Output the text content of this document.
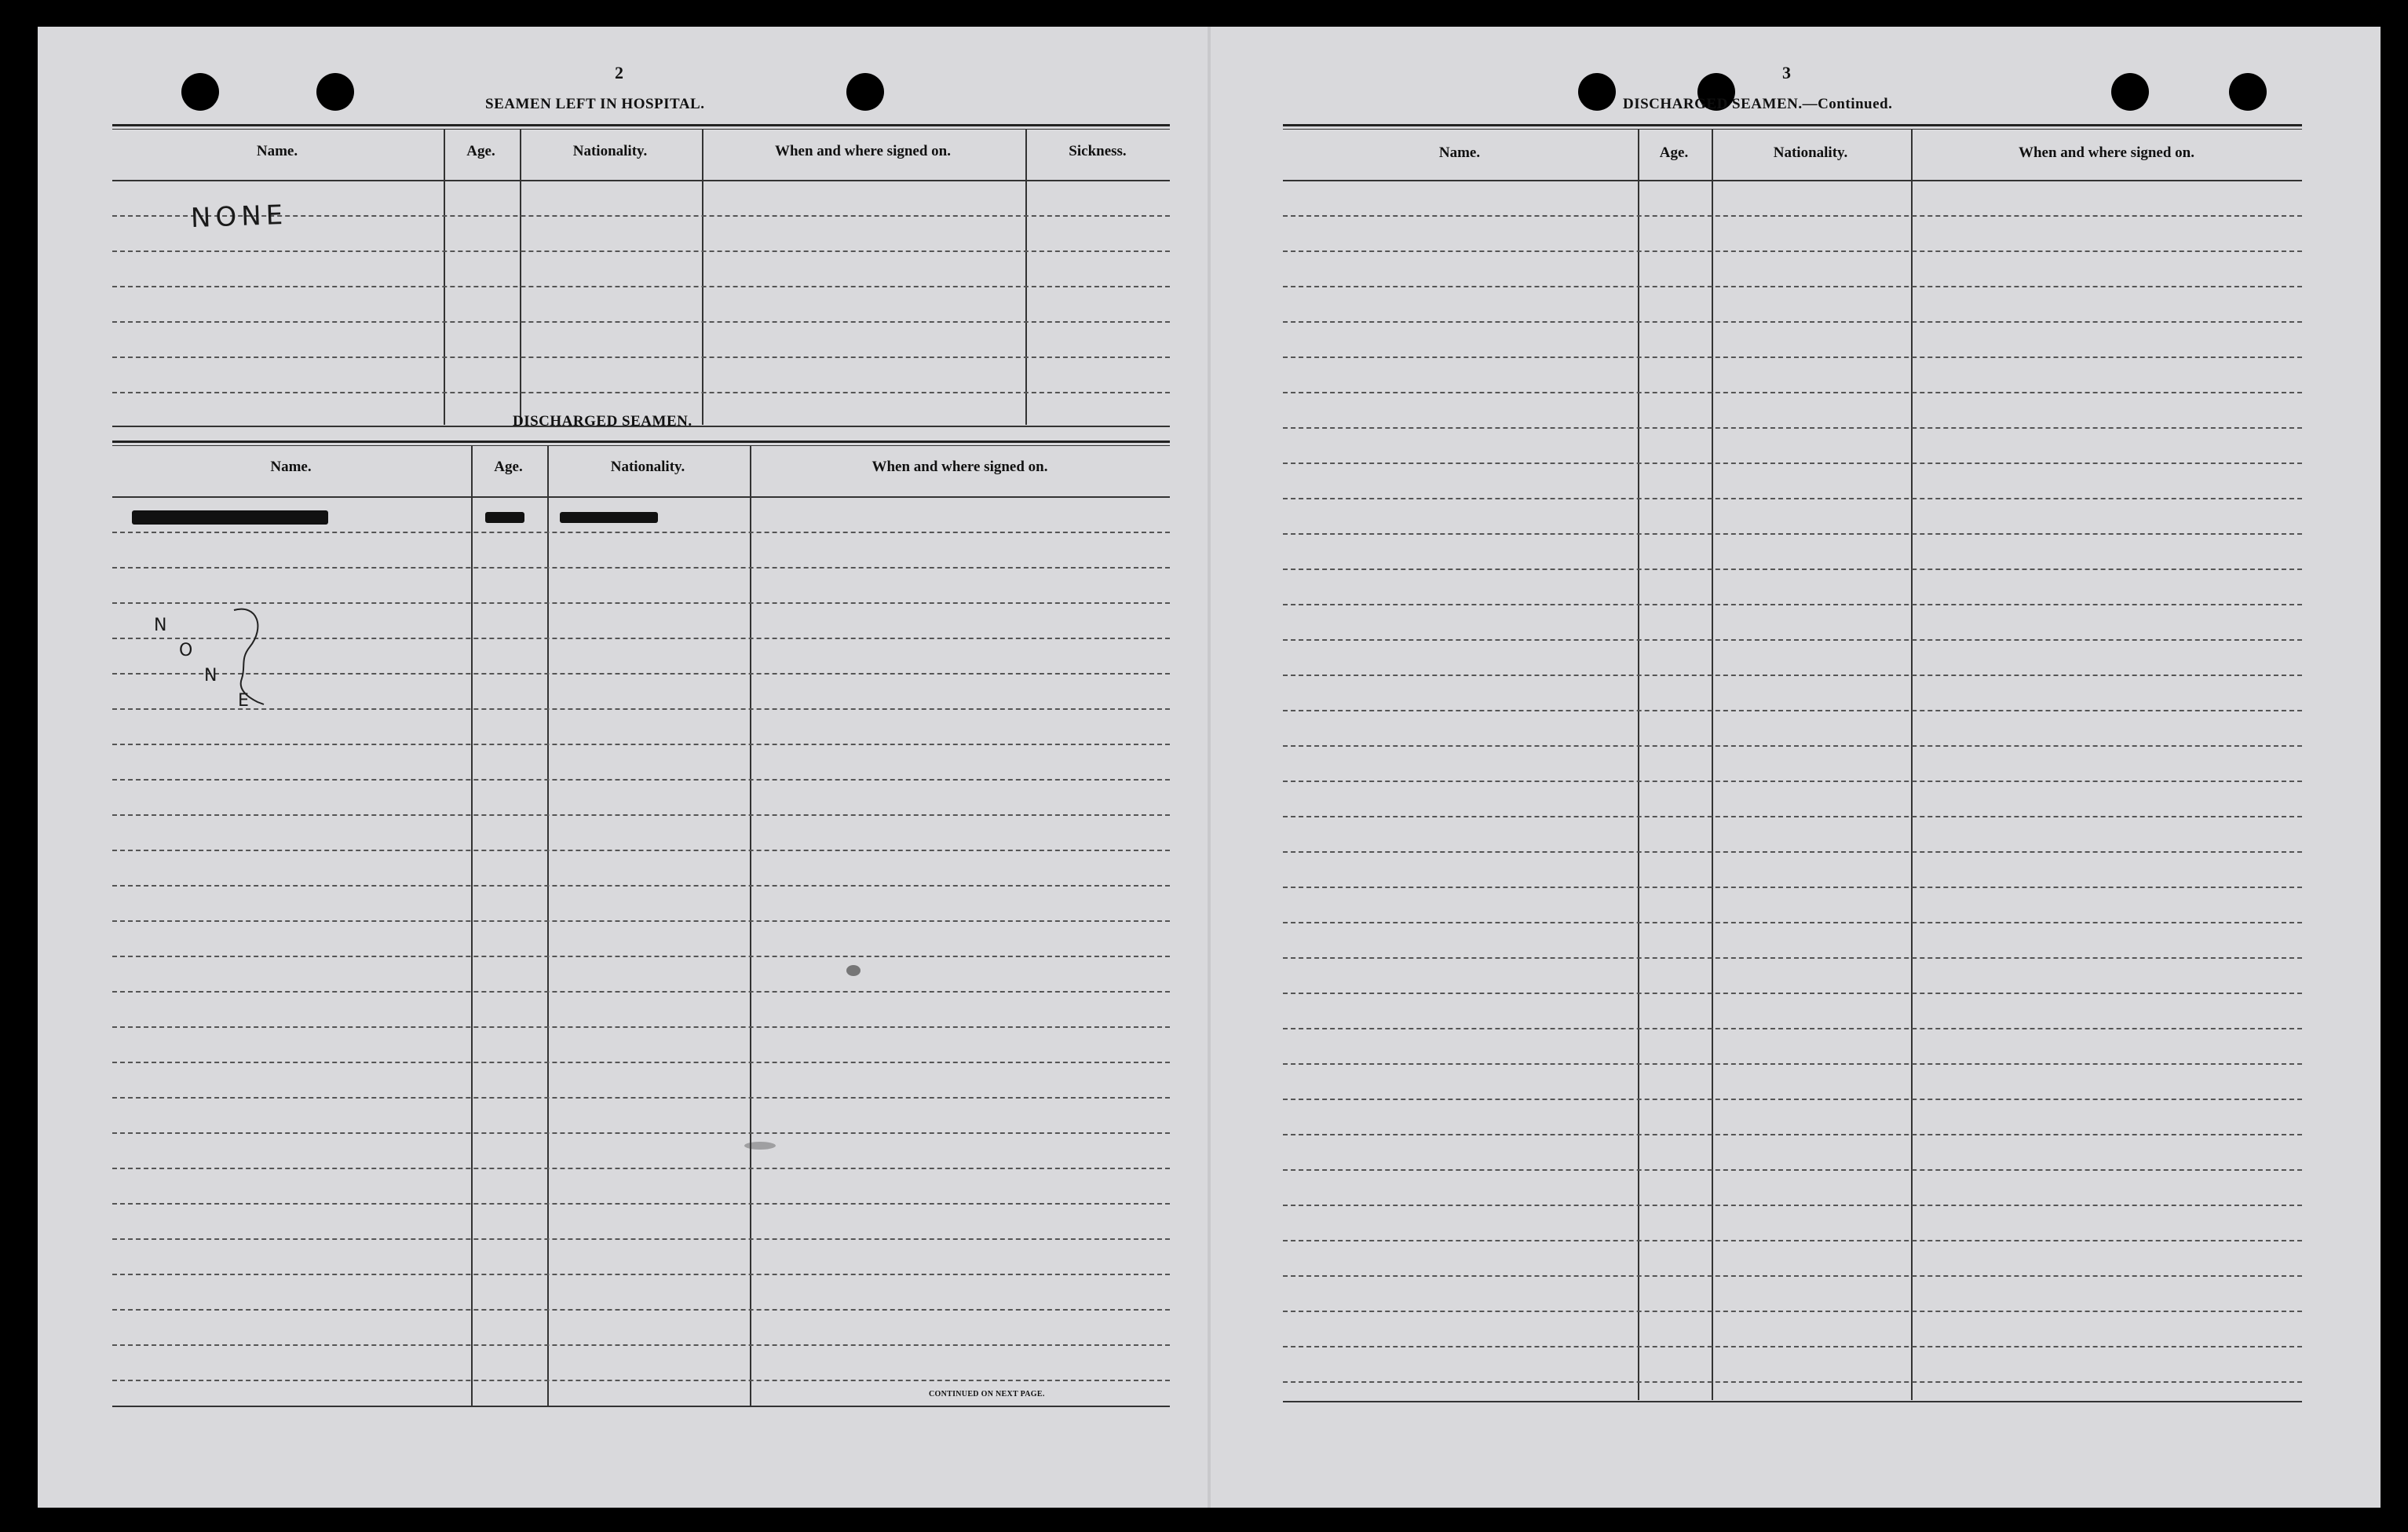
2
SEAMEN LEFT IN HOSPITAL.
Name.	Age.	Nationality.	When and where signed on.	Sickness.
NONE
DISCHARGED SEAMEN.
Name.	Age.	Nationality.	When and where signed on.
N
O
N
E
CONTINUED ON NEXT PAGE.
3
DISCHARGED SEAMEN.—Continued.
Name.	Age.	Nationality.	When and where signed on.
